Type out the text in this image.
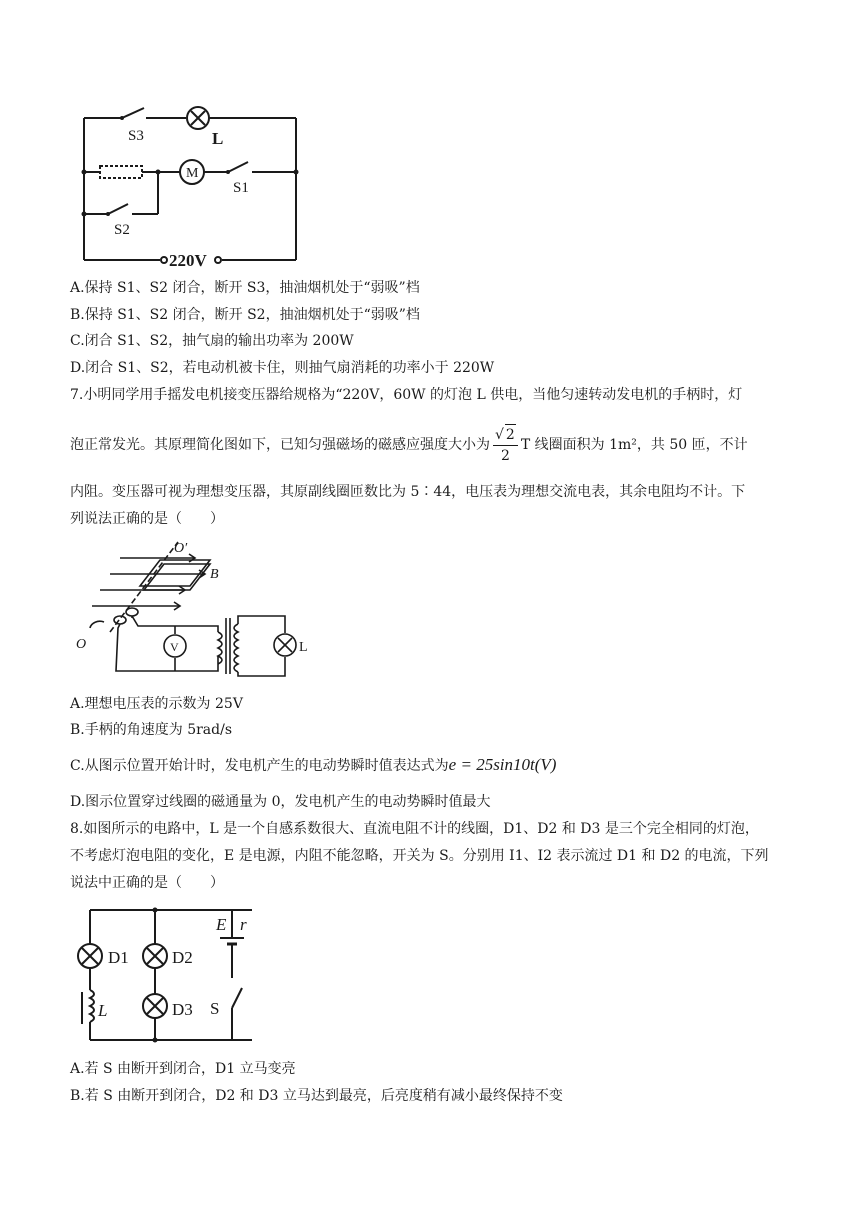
S3	L
M
S1
S2
220V
A.保持 S1、S2 闭合，断开 S3，抽油烟机处于“弱吸”档
B.保持 S1、S2 闭合，断开 S2，抽油烟机处于“弱吸”档
C.闭合 S1、S2，抽气扇的输出功率为 200W
D.闭合 S1、S2，若电动机被卡住，则抽气扇消耗的功率小于 220W
7.小明同学用手摇发电机接变压器给规格为“220V，60W 的灯泡 L 供电，当他匀速转动发电机的手柄时，灯
泡正常发光。其原理简化图如下，已知匀强磁场的磁感应强度大小为 $\frac{√ 2}{2}$ T 线圈面积为 1m²，共 50 匝，不计
内阻。变压器可视为理想变压器，其原副线圈匝数比为 5∶44，电压表为理想交流电表，其余电阻均不计。下
列说法正确的是（　　）
O′
B
O	V	L
A.理想电压表的示数为 25V
B.手柄的角速度为 5rad/s
C.从图示位置开始计时，发电机产生的电动势瞬时值表达式为e = 25sin10t(V)
D.图示位置穿过线圈的磁通量为 0，发电机产生的电动势瞬时值最大
8.如图所示的电路中，L 是一个自感系数很大、直流电阻不计的线圈，D1、D2 和 D3 是三个完全相同的灯泡，
不考虑灯泡电阻的变化，E 是电源，内阻不能忽略，开关为 S。分别用 I1、I2 表示流过 D1 和 D2 的电流，下列
说法中正确的是（　　）
D1	D2
D3
L
E r
S
A.若 S 由断开到闭合，D1 立马变亮
B.若 S 由断开到闭合，D2 和 D3 立马达到最亮，后亮度稍有减小最终保持不变
